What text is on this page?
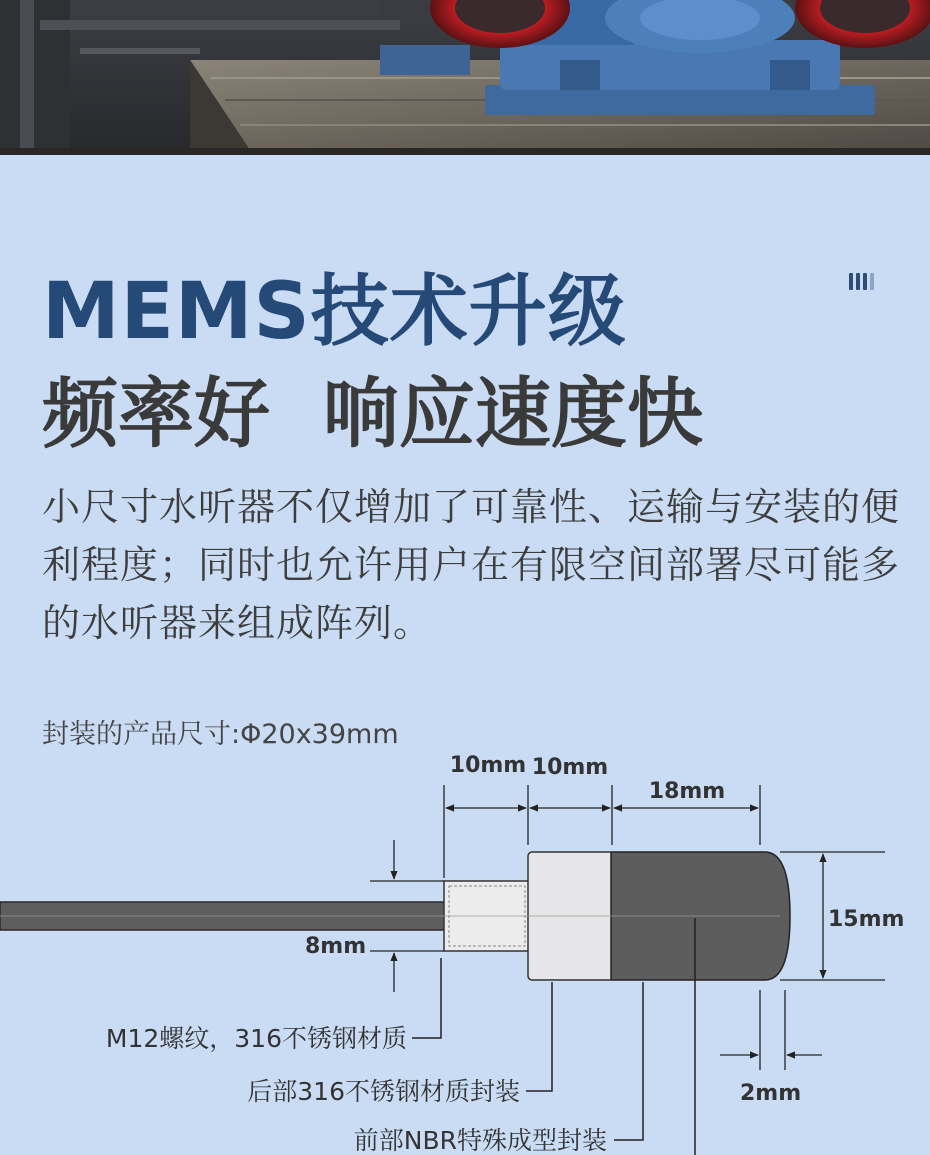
MEMS技术升级
频率好  响应速度快

小尺寸水听器不仅增加了可靠性、运输与安装的便利程度；同时也允许用户在有限空间部署尽可能多的水听器来组成阵列。

封装的产品尺寸:Φ20x39mm

10mm 10mm
18mm
15mm
8mm
2mm
M12螺纹，316不锈钢材质
后部316不锈钢材质封装
前部NBR特殊成型封装
